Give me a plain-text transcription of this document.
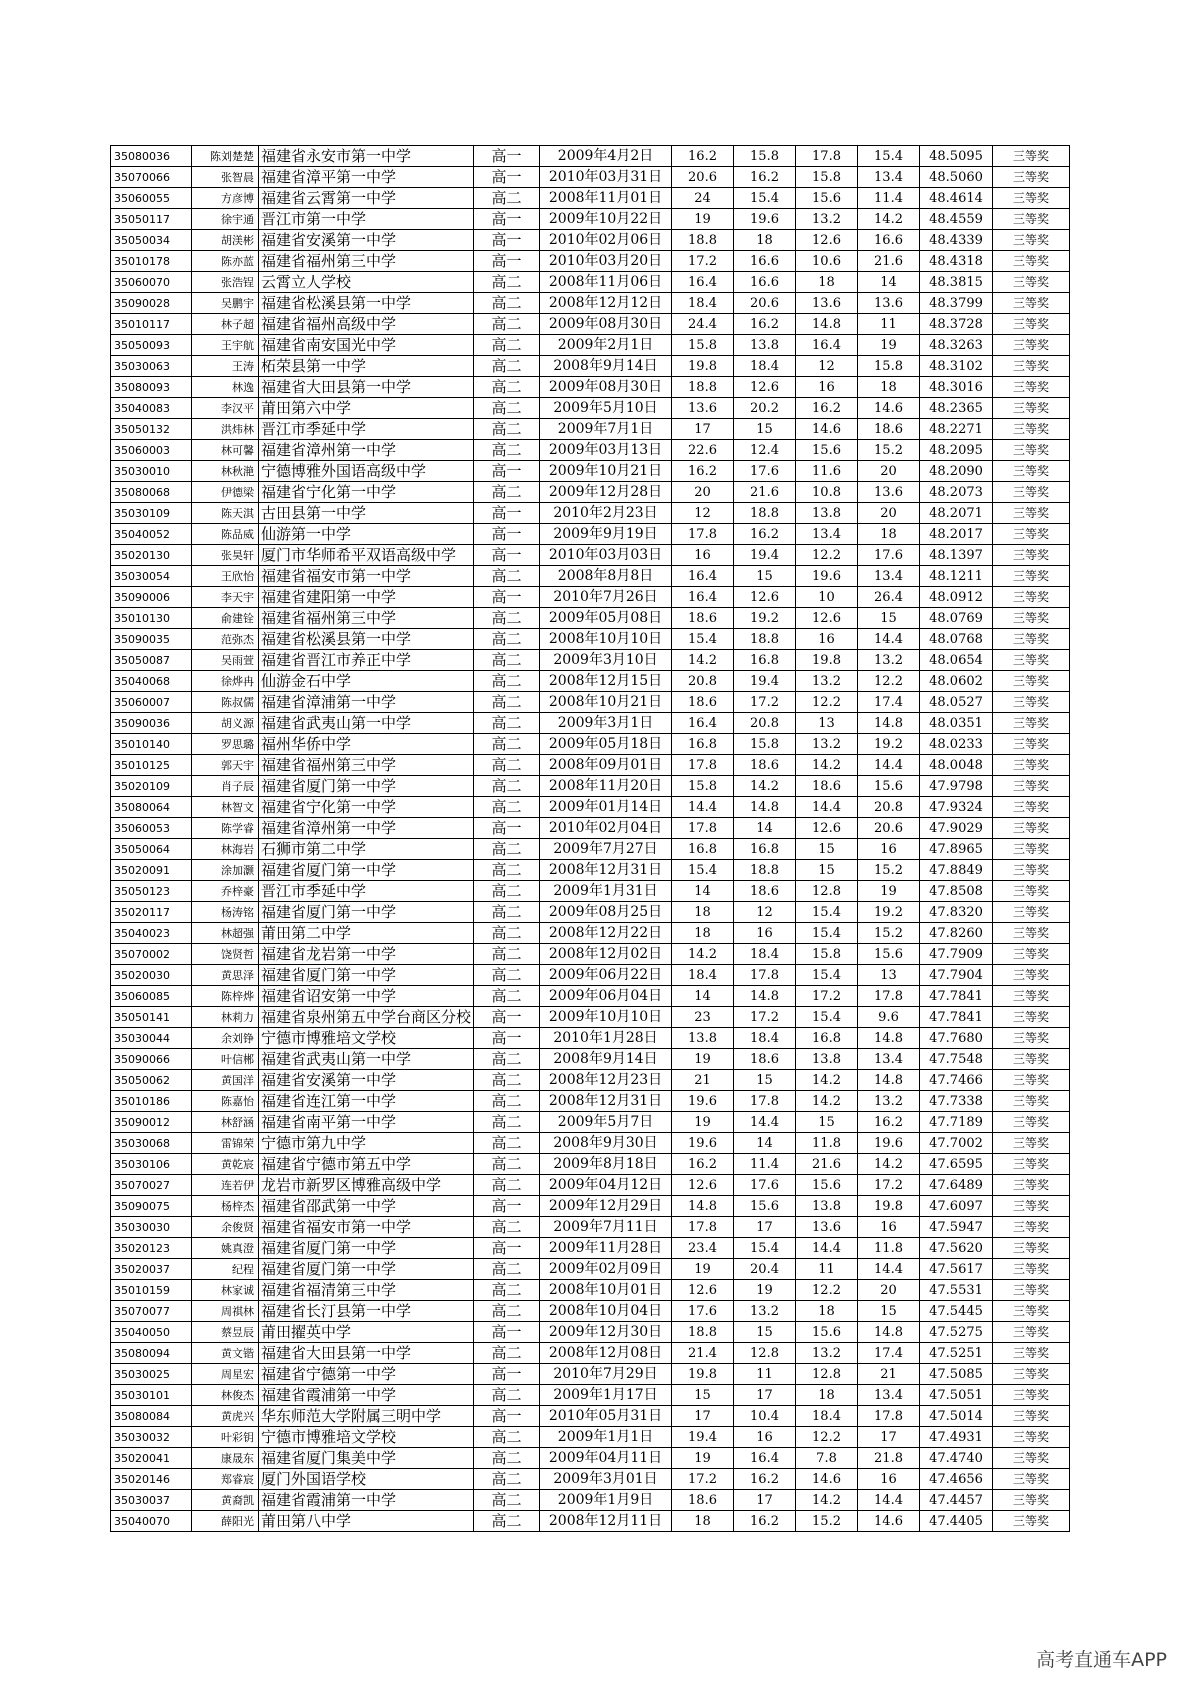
35080036	陈刘楚楚	福建省永安市第一中学	高一	2009年4月2日	16.2	15.8	17.8	15.4	48.5095	三等奖
35070066	张智晨	福建省漳平第一中学	高一	2010年03月31日	20.6	16.2	15.8	13.4	48.5060	三等奖
35060055	方彦博	福建省云霄第一中学	高二	2008年11月01日	24	15.4	15.6	11.4	48.4614	三等奖
35050117	徐宇通	晋江市第一中学	高一	2009年10月22日	19	19.6	13.2	14.2	48.4559	三等奖
35050034	胡渼彬	福建省安溪第一中学	高一	2010年02月06日	18.8	18	12.6	16.6	48.4339	三等奖
35010178	陈亦蓝	福建省福州第三中学	高一	2010年03月20日	17.2	16.6	10.6	21.6	48.4318	三等奖
35060070	张浩锃	云霄立人学校	高二	2008年11月06日	16.4	16.6	18	14	48.3815	三等奖
35090028	吴鹏宇	福建省松溪县第一中学	高二	2008年12月12日	18.4	20.6	13.6	13.6	48.3799	三等奖
35010117	林子超	福建省福州高级中学	高二	2009年08月30日	24.4	16.2	14.8	11	48.3728	三等奖
35050093	王宇航	福建省南安国光中学	高二	2009年2月1日	15.8	13.8	16.4	19	48.3263	三等奖
35030063	王涛	柘荣县第一中学	高二	2008年9月14日	19.8	18.4	12	15.8	48.3102	三等奖
35080093	林逸	福建省大田县第一中学	高二	2009年08月30日	18.8	12.6	16	18	48.3016	三等奖
35040083	李汉平	莆田第六中学	高二	2009年5月10日	13.6	20.2	16.2	14.6	48.2365	三等奖
35050132	洪炜林	晋江市季延中学	高二	2009年7月1日	17	15	14.6	18.6	48.2271	三等奖
35060003	林可馨	福建省漳州第一中学	高二	2009年03月13日	22.6	12.4	15.6	15.2	48.2095	三等奖
35030010	林秋滟	宁德博雅外国语高级中学	高一	2009年10月21日	16.2	17.6	11.6	20	48.2090	三等奖
35080068	伊德梁	福建省宁化第一中学	高二	2009年12月28日	20	21.6	10.8	13.6	48.2073	三等奖
35030109	陈天淇	古田县第一中学	高一	2010年2月23日	12	18.8	13.8	20	48.2071	三等奖
35040052	陈品威	仙游第一中学	高一	2009年9月19日	17.8	16.2	13.4	18	48.2017	三等奖
35020130	张昊轩	厦门市华师希平双语高级中学	高一	2010年03月03日	16	19.4	12.2	17.6	48.1397	三等奖
35030054	王欣怡	福建省福安市第一中学	高二	2008年8月8日	16.4	15	19.6	13.4	48.1211	三等奖
35090006	李天宇	福建省建阳第一中学	高一	2010年7月26日	16.4	12.6	10	26.4	48.0912	三等奖
35010130	俞建铨	福建省福州第三中学	高二	2009年05月08日	18.6	19.2	12.6	15	48.0769	三等奖
35090035	范弥杰	福建省松溪县第一中学	高二	2008年10月10日	15.4	18.8	16	14.4	48.0768	三等奖
35050087	吴雨萱	福建省晋江市养正中学	高二	2009年3月10日	14.2	16.8	19.8	13.2	48.0654	三等奖
35040068	徐烨冉	仙游金石中学	高二	2008年12月15日	20.8	19.4	13.2	12.2	48.0602	三等奖
35060007	陈叔儒	福建省漳浦第一中学	高二	2008年10月21日	18.6	17.2	12.2	17.4	48.0527	三等奖
35090036	胡义源	福建省武夷山第一中学	高二	2009年3月1日	16.4	20.8	13	14.8	48.0351	三等奖
35010140	罗思璐	福州华侨中学	高二	2009年05月18日	16.8	15.8	13.2	19.2	48.0233	三等奖
35010125	郭天宇	福建省福州第三中学	高二	2008年09月01日	17.8	18.6	14.2	14.4	48.0048	三等奖
35020109	肖子辰	福建省厦门第一中学	高二	2008年11月20日	15.8	14.2	18.6	15.6	47.9798	三等奖
35080064	林智文	福建省宁化第一中学	高二	2009年01月14日	14.4	14.8	14.4	20.8	47.9324	三等奖
35060053	陈学睿	福建省漳州第一中学	高一	2010年02月04日	17.8	14	12.6	20.6	47.9029	三等奖
35050064	林海岩	石狮市第二中学	高二	2009年7月27日	16.8	16.8	15	16	47.8965	三等奖
35020091	涂加灏	福建省厦门第一中学	高二	2008年12月31日	15.4	18.8	15	15.2	47.8849	三等奖
35050123	乔梓豪	晋江市季延中学	高二	2009年1月31日	14	18.6	12.8	19	47.8508	三等奖
35020117	杨涛铭	福建省厦门第一中学	高二	2009年08月25日	18	12	15.4	19.2	47.8320	三等奖
35040023	林超强	莆田第二中学	高二	2008年12月22日	18	16	15.4	15.2	47.8260	三等奖
35070002	饶贤哲	福建省龙岩第一中学	高二	2008年12月02日	14.2	18.4	15.8	15.6	47.7909	三等奖
35020030	黄思泽	福建省厦门第一中学	高二	2009年06月22日	18.4	17.8	15.4	13	47.7904	三等奖
35060085	陈梓烨	福建省诏安第一中学	高二	2009年06月04日	14	14.8	17.2	17.8	47.7841	三等奖
35050141	林莉力	福建省泉州第五中学台商区分校	高一	2009年10月10日	23	17.2	15.4	9.6	47.7841	三等奖
35030044	余刘铮	宁德市博雅培文学校	高一	2010年1月28日	13.8	18.4	16.8	14.8	47.7680	三等奖
35090066	叶信郴	福建省武夷山第一中学	高二	2008年9月14日	19	18.6	13.8	13.4	47.7548	三等奖
35050062	黄国洋	福建省安溪第一中学	高二	2008年12月23日	21	15	14.2	14.8	47.7466	三等奖
35010186	陈嘉怡	福建省连江第一中学	高二	2008年12月31日	19.6	17.8	14.2	13.2	47.7338	三等奖
35090012	林舒涵	福建省南平第一中学	高二	2009年5月7日	19	14.4	15	16.2	47.7189	三等奖
35030068	雷锦荣	宁德市第九中学	高二	2008年9月30日	19.6	14	11.8	19.6	47.7002	三等奖
35030106	黄乾宸	福建省宁德市第五中学	高二	2009年8月18日	16.2	11.4	21.6	14.2	47.6595	三等奖
35070027	连若伊	龙岩市新罗区博雅高级中学	高二	2009年04月12日	12.6	17.6	15.6	17.2	47.6489	三等奖
35090075	杨梓杰	福建省邵武第一中学	高一	2009年12月29日	14.8	15.6	13.8	19.8	47.6097	三等奖
35030030	余俊贤	福建省福安市第一中学	高二	2009年7月11日	17.8	17	13.6	16	47.5947	三等奖
35020123	姚真澄	福建省厦门第一中学	高一	2009年11月28日	23.4	15.4	14.4	11.8	47.5620	三等奖
35020037	纪程	福建省厦门第一中学	高二	2009年02月09日	19	20.4	11	14.4	47.5617	三等奖
35010159	林家诚	福建省福清第三中学	高二	2008年10月01日	12.6	19	12.2	20	47.5531	三等奖
35070077	周祺林	福建省长汀县第一中学	高二	2008年10月04日	17.6	13.2	18	15	47.5445	三等奖
35040050	蔡昱辰	莆田擢英中学	高一	2009年12月30日	18.8	15	15.6	14.8	47.5275	三等奖
35080094	黄文锴	福建省大田县第一中学	高二	2008年12月08日	21.4	12.8	13.2	17.4	47.5251	三等奖
35030025	周星宏	福建省宁德第一中学	高一	2010年7月29日	19.8	11	12.8	21	47.5085	三等奖
35030101	林俊杰	福建省霞浦第一中学	高二	2009年1月17日	15	17	18	13.4	47.5051	三等奖
35080084	黄虎兴	华东师范大学附属三明中学	高一	2010年05月31日	17	10.4	18.4	17.8	47.5014	三等奖
35030032	叶彩钥	宁德市博雅培文学校	高二	2009年1月1日	19.4	16	12.2	17	47.4931	三等奖
35020041	康晟东	福建省厦门集美中学	高二	2009年04月11日	19	16.4	7.8	21.8	47.4740	三等奖
35020146	郑睿宸	厦门外国语学校	高二	2009年3月01日	17.2	16.2	14.6	16	47.4656	三等奖
35030037	黄裔凯	福建省霞浦第一中学	高二	2009年1月9日	18.6	17	14.2	14.4	47.4457	三等奖
35040070	薛阳光	莆田第八中学	高二	2008年12月11日	18	16.2	15.2	14.6	47.4405	三等奖
高考直通车APP
